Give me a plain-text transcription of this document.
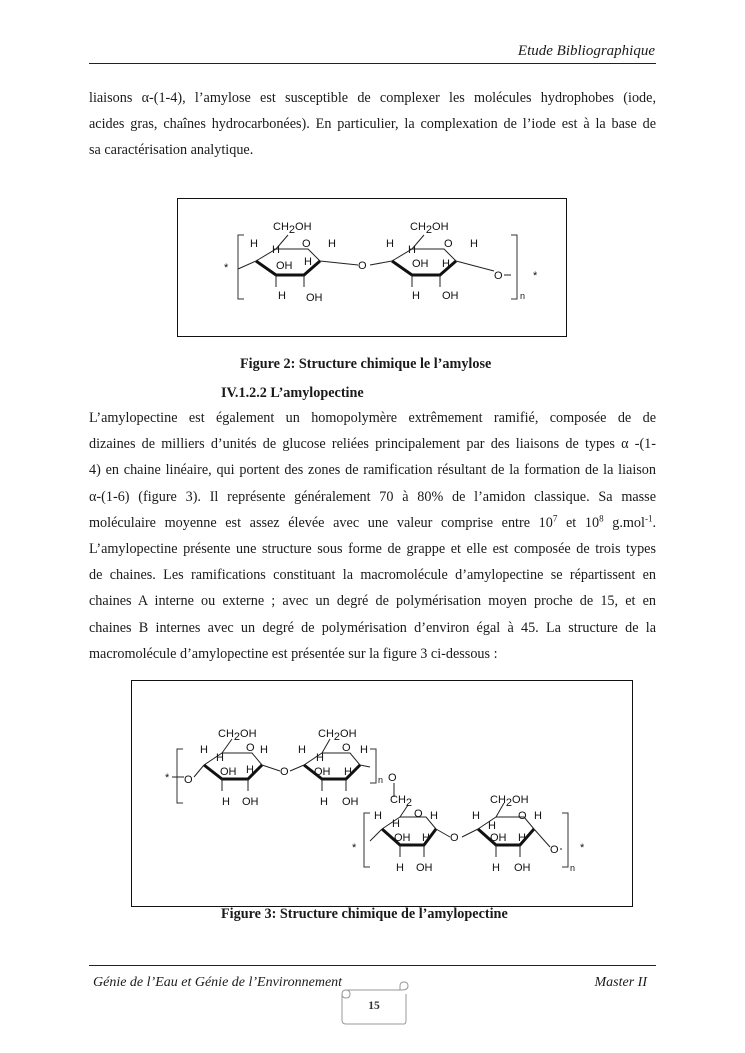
Etude Bibliographique

liaisons α-(1-4), l’amylose est susceptible de complexer les molécules hydrophobes (iode,
acides gras, chaînes hydrocarbonées). En particulier, la complexation de l’iode est à la base de
sa caractérisation analytique.

*
*
n
CH2OH
H H O H
OH H
H OH
O
CH2OH
H H	O H
OH H
H OH
O
Figure 2: Structure chimique le l’amylose
IV.1.2.2 L’amylopectine

L’amylopectine est également un homopolymère extrêmement ramifié, composée de de
dizaines de milliers d’unités de glucose reliées principalement par des liaisons de types α -(1-
4) en chaine linéaire, qui portent des zones de ramification résultant de la formation de la liaison
α-(1-6) (figure 3). Il représente généralement 70 à 80% de l’amidon classique. Sa masse
moléculaire moyenne est assez élevée avec une valeur comprise entre $10^7$ et $10^8$ g.mol$^{-1}$.
L’amylopectine présente une structure sous forme de grappe et elle est composée de trois types
de chaines. Les ramifications constituant la macromolécule d’amylopectine se répartissent en
chaines A interne ou externe ; avec un degré de polymérisation moyen proche de 15, et en
chaines B internes avec un degré de polymérisation d’environ égal à 45. La structure de la
macromolécule d’amylopectine est présentée sur la figure 3 ci-dessous :

*	n
O
CH2OH
H
H
O H
OH H
H OH
O
CH2OH
H
H
O H
OH H
H OH
O
*	*
n
CH2
H
H
O H
OH H
H OH
O
CH2OH
H
H
O H
OH H
H OH
O
Figure 3: Structure chimique de l’amylopectine
Génie de l’Eau et Génie de l’Environnement	Master II
15
